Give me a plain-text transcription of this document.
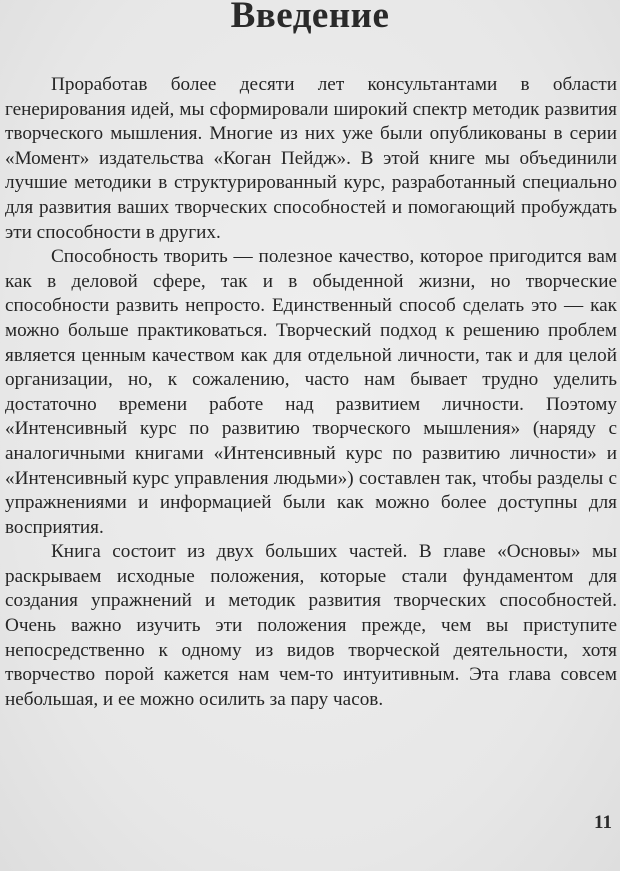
Введение

Проработав более десяти лет консультантами в области генерирования идей, мы сформировали широкий спектр методик развития творческого мышления. Многие из них уже были опубликованы в серии «Момент» издательства «Коган Пейдж». В этой книге мы объединили лучшие методики в структурированный курс, разработанный специально для развития ваших творческих способностей и помогающий пробуждать эти способности в других.

Способность творить — полезное качество, которое пригодится вам как в деловой сфере, так и в обыденной жизни, но творческие способности развить непросто. Единственный способ сделать это — как можно больше практиковаться. Творческий подход к решению проблем является ценным качеством как для отдельной личности, так и для целой организации, но, к сожалению, часто нам бывает трудно уделить достаточно времени работе над развитием личности. Поэтому «Интенсивный курс по развитию творческого мышления» (наряду с аналогичными книгами «Интенсивный курс по развитию личности» и «Интенсивный курс управления людьми») составлен так, чтобы разделы с упражнениями и информацией были как можно более доступны для восприятия.

Книга состоит из двух больших частей. В главе «Основы» мы раскрываем исходные положения, которые стали фундаментом для создания упражнений и методик развития творческих способностей. Очень важно изучить эти положения прежде, чем вы приступите непосредственно к одному из видов творческой деятельности, хотя творчество порой кажется нам чем-то интуитивным. Эта глава совсем небольшая, и ее можно осилить за пару часов.

11
